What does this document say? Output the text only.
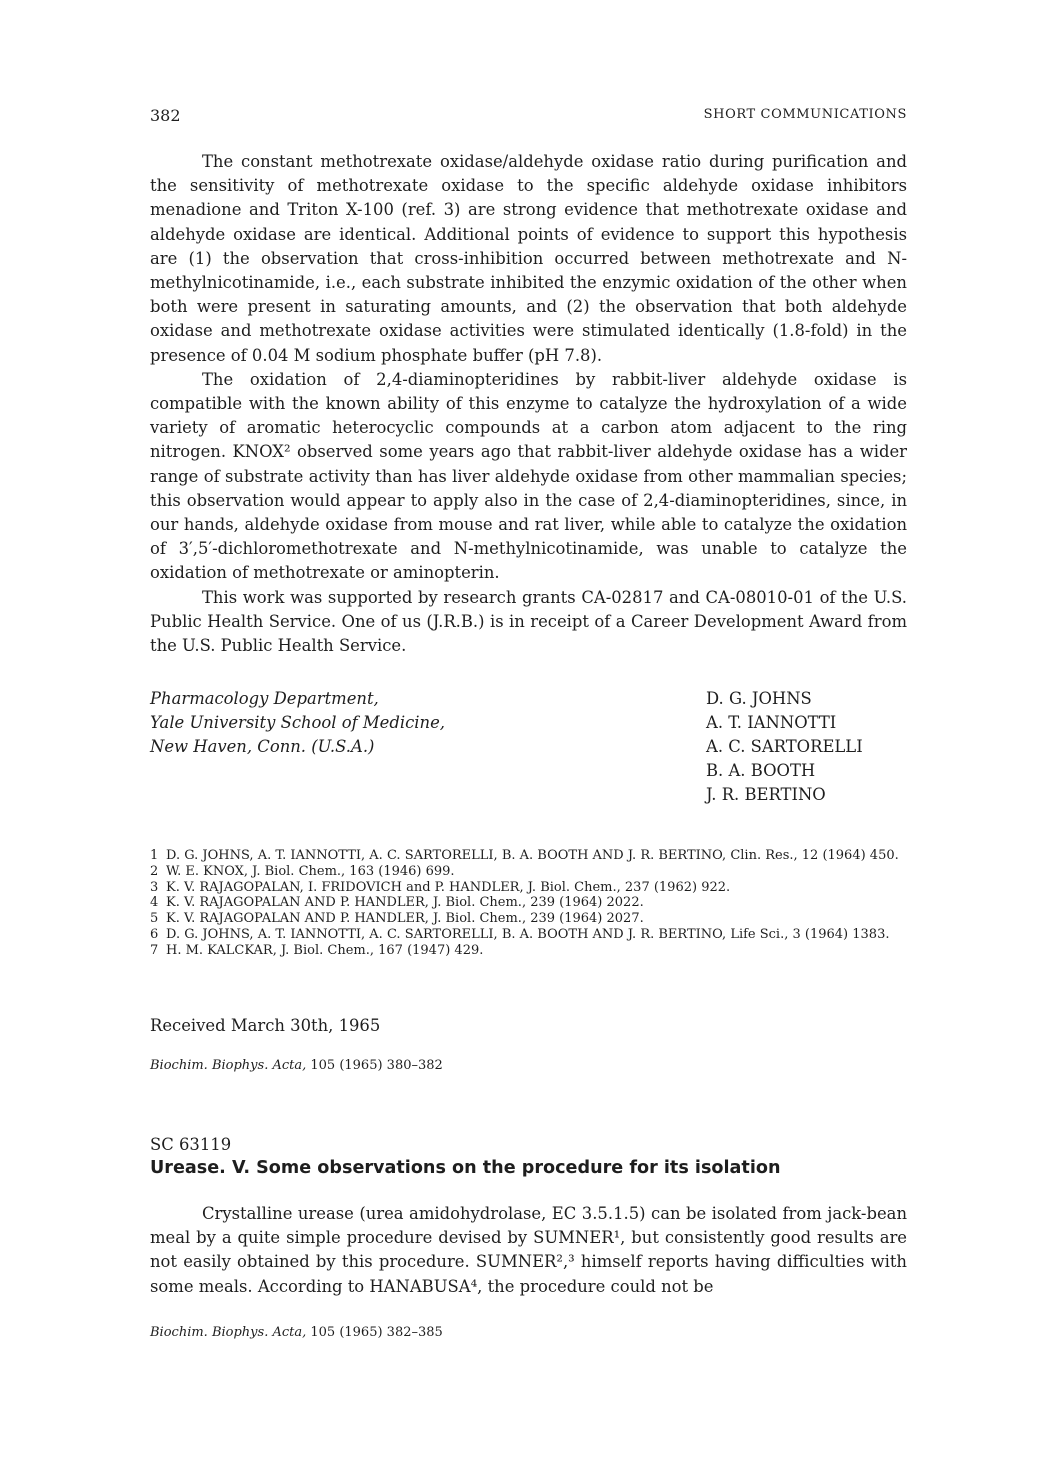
382	SHORT COMMUNICATIONS

The constant methotrexate oxidase/aldehyde oxidase ratio during purification and the sensitivity of methotrexate oxidase to the specific aldehyde oxidase inhibitors menadione and Triton X-100 (ref. 3) are strong evidence that methotrexate oxidase and aldehyde oxidase are identical. Additional points of evidence to support this hypothesis are (1) the observation that cross-inhibition occurred between methotrexate and N-methylnicotinamide, i.e., each substrate inhibited the enzymic oxidation of the other when both were present in saturating amounts, and (2) the observation that both aldehyde oxidase and methotrexate oxidase activities were stimulated identically (1.8-fold) in the presence of 0.04 M sodium phosphate buffer (pH 7.8).

The oxidation of 2,4-diaminopteridines by rabbit-liver aldehyde oxidase is compatible with the known ability of this enzyme to catalyze the hydroxylation of a wide variety of aromatic heterocyclic compounds at a carbon atom adjacent to the ring nitrogen. KNOX² observed some years ago that rabbit-liver aldehyde oxidase has a wider range of substrate activity than has liver aldehyde oxidase from other mammalian species; this observation would appear to apply also in the case of 2,4-diaminopteridines, since, in our hands, aldehyde oxidase from mouse and rat liver, while able to catalyze the oxidation of 3′,5′-dichloromethotrexate and N-methylnicotinamide, was unable to catalyze the oxidation of methotrexate or aminopterin.

This work was supported by research grants CA-02817 and CA-08010-01 of the U.S. Public Health Service. One of us (J.R.B.) is in receipt of a Career Development Award from the U.S. Public Health Service.

Pharmacology Department,
Yale University School of Medicine,
New Haven, Conn. (U.S.A.)
D. G. JOHNS
A. T. IANNOTTI
A. C. SARTORELLI
B. A. BOOTH
J. R. BERTINO
1 D. G. JOHNS, A. T. IANNOTTI, A. C. SARTORELLI, B. A. BOOTH AND J. R. BERTINO, Clin. Res., 12 (1964) 450.
2 W. E. KNOX, J. Biol. Chem., 163 (1946) 699.
3 K. V. RAJAGOPALAN, I. FRIDOVICH and P. HANDLER, J. Biol. Chem., 237 (1962) 922.
4 K. V. RAJAGOPALAN AND P. HANDLER, J. Biol. Chem., 239 (1964) 2022.
5 K. V. RAJAGOPALAN AND P. HANDLER, J. Biol. Chem., 239 (1964) 2027.
6 D. G. JOHNS, A. T. IANNOTTI, A. C. SARTORELLI, B. A. BOOTH AND J. R. BERTINO, Life Sci., 3 (1964) 1383.
7 H. M. KALCKAR, J. Biol. Chem., 167 (1947) 429.
Received March 30th, 1965
Biochim. Biophys. Acta, 105 (1965) 380–382
SC 63119
Urease. V. Some observations on the procedure for its isolation

Crystalline urease (urea amidohydrolase, EC 3.5.1.5) can be isolated from jack-bean meal by a quite simple procedure devised by SUMNER¹, but consistently good results are not easily obtained by this procedure. SUMNER²,³ himself reports having difficulties with some meals. According to HANABUSA⁴, the procedure could not be

Biochim. Biophys. Acta, 105 (1965) 382–385
